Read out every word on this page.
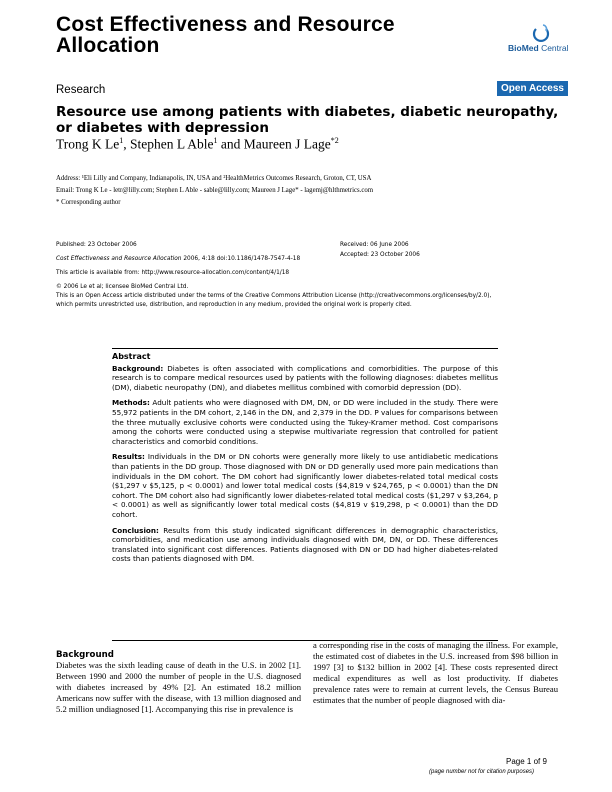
Cost Effectiveness and Resource Allocation	BioMed Central
Research	Open Access
Resource use among patients with diabetes, diabetic neuropathy, or diabetes with depression
Trong K Le$^1$, Stephen L Able$^1$ and Maureen J Lage$^{*2}$
Address: ¹Eli Lilly and Company, Indianapolis, IN, USA and ²HealthMetrics Outcomes Research, Groton, CT, USA
Email: Trong K Le - letr@lilly.com; Stephen L Able - sable@lilly.com; Maureen J Lage* - lagemj@hlthmetrics.com
* Corresponding author
Published: 23 October 2006
Cost Effectiveness and Resource Allocation 2006, 4:18 doi:10.1186/1478-7547-4-18
This article is available from: http://www.resource-allocation.com/content/4/1/18
Received: 06 June 2006
Accepted: 23 October 2006
© 2006 Le et al; licensee BioMed Central Ltd.
This is an Open Access article distributed under the terms of the Creative Commons Attribution License (http://creativecommons.org/licenses/by/2.0),
which permits unrestricted use, distribution, and reproduction in any medium, provided the original work is properly cited.
Abstract

Background: Diabetes is often associated with complications and comorbidities. The purpose of this research is to compare medical resources used by patients with the following diagnoses: diabetes mellitus (DM), diabetic neuropathy (DN), and diabetes mellitus combined with comorbid depression (DD).

Methods: Adult patients who were diagnosed with DM, DN, or DD were included in the study. There were 55,972 patients in the DM cohort, 2,146 in the DN, and 2,379 in the DD. P values for comparisons between the three mutually exclusive cohorts were conducted using the Tukey-Kramer method. Cost comparisons among the cohorts were conducted using a stepwise multivariate regression that controlled for patient characteristics and comorbid conditions.

Results: Individuals in the DM or DN cohorts were generally more likely to use antidiabetic medications than patients in the DD group. Those diagnosed with DN or DD generally used more pain medications than individuals in the DM cohort. The DM cohort had significantly lower diabetes-related total medical costs ($1,297 v $5,125, p < 0.0001) and lower total medical costs ($4,819 v $24,765, p < 0.0001) than the DN cohort. The DM cohort also had significantly lower diabetes-related total medical costs ($1,297 v $3,264, p < 0.0001) as well as significantly lower total medical costs ($4,819 v $19,298, p < 0.0001) than the DD cohort.

Conclusion: Results from this study indicated significant differences in demographic characteristics, comorbidities, and medication use among individuals diagnosed with DM, DN, or DD. These differences translated into significant cost differences. Patients diagnosed with DN or DD had higher diabetes-related costs than patients diagnosed with DM.

Background
Diabetes was the sixth leading cause of death in the U.S. in 2002 [1]. Between 1990 and 2000 the number of people in the U.S. diagnosed with diabetes increased by 49% [2]. An estimated 18.2 million Americans now suffer with the disease, with 13 million diagnosed and 5.2 million undiagnosed [1]. Accompanying this rise in prevalence is
a corresponding rise in the costs of managing the illness. For example, the estimated cost of diabetes in the U.S. increased from $98 billion in 1997 [3] to $132 billion in 2002 [4]. These costs represented direct medical expenditures as well as lost productivity. If diabetes prevalence rates were to remain at current levels, the Census Bureau estimates that the number of people diagnosed with dia-
Page 1 of 9
(page number not for citation purposes)
